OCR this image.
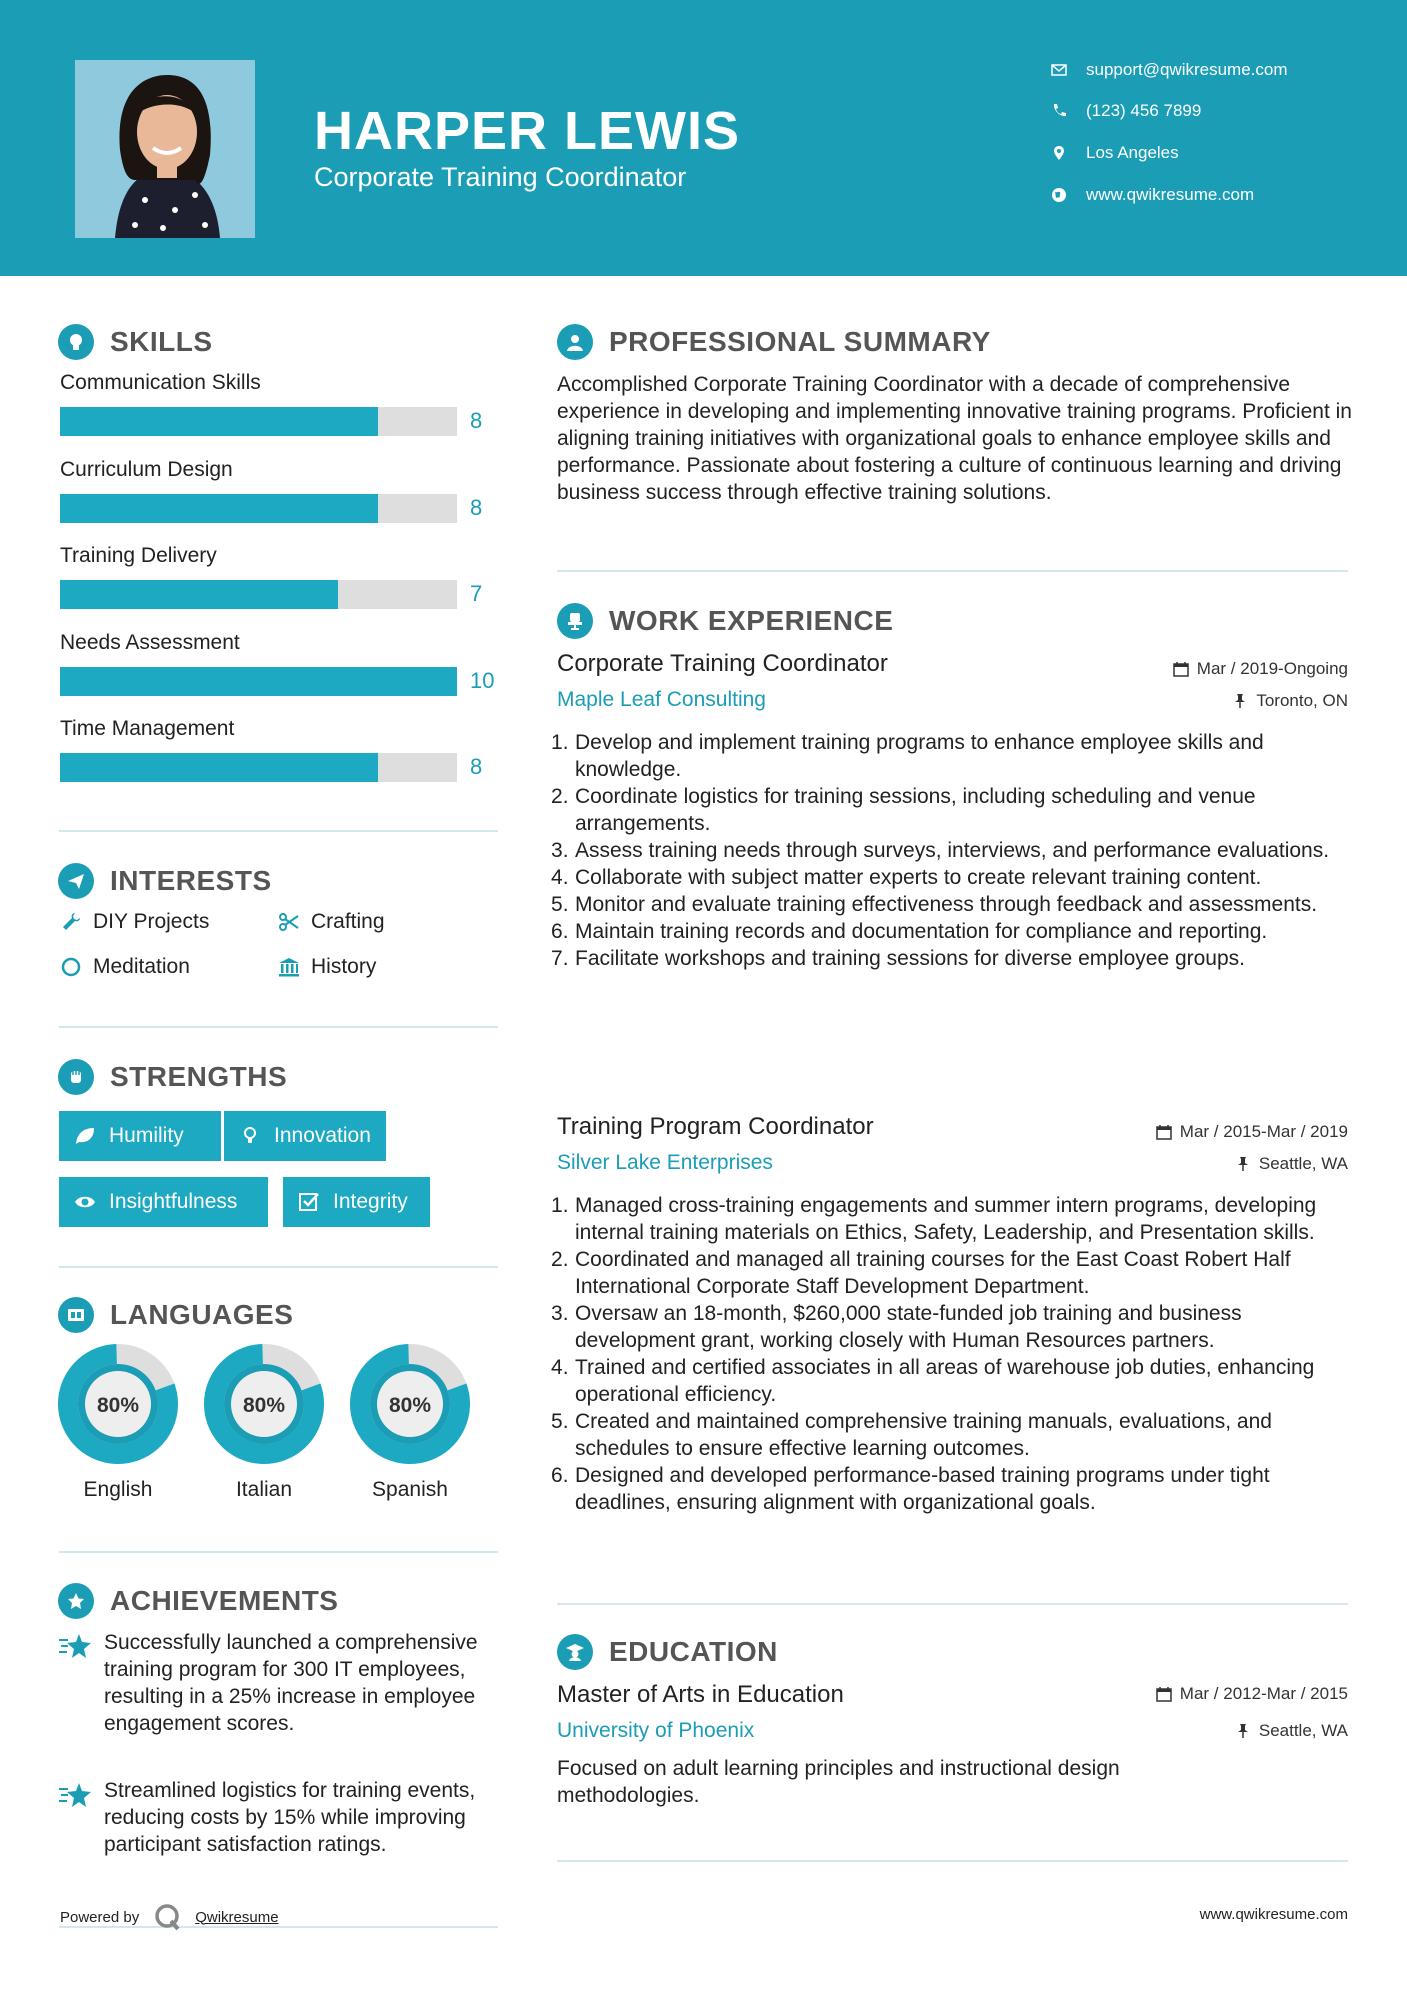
HARPER LEWIS
Corporate Training Coordinator
support@qwikresume.com
(123) 456 7899
Los Angeles
www.qwikresume.com
SKILLS
Communication Skills
8
Curriculum Design
8
Training Delivery
7
Needs Assessment
10
Time Management
8
INTERESTS
DIY Projects	Crafting
Meditation	History
STRENGTHS
Humility	Innovation
Insightfulness	Integrity
LANGUAGES
80%
English
80%
Italian
80%
Spanish
ACHIEVEMENTS
Successfully launched a comprehensive training program for 300 IT employees, resulting in a 25% increase in employee engagement scores.
Streamlined logistics for training events, reducing costs by 15% while improving participant satisfaction ratings.
PROFESSIONAL SUMMARY
Accomplished Corporate Training Coordinator with a decade of comprehensive experience in developing and implementing innovative training programs. Proficient in aligning training initiatives with organizational goals to enhance employee skills and performance. Passionate about fostering a culture of continuous learning and driving business success through effective training solutions.
WORK EXPERIENCE
Corporate Training Coordinator	Mar / 2019-Ongoing
Maple Leaf Consulting	Toronto, ON
Develop and implement training programs to enhance employee skills and knowledge.
Coordinate logistics for training sessions, including scheduling and venue arrangements.
Assess training needs through surveys, interviews, and performance evaluations.
Collaborate with subject matter experts to create relevant training content.
Monitor and evaluate training effectiveness through feedback and assessments.
Maintain training records and documentation for compliance and reporting.
Facilitate workshops and training sessions for diverse employee groups.
Training Program Coordinator	Mar / 2015-Mar / 2019
Silver Lake Enterprises	Seattle, WA
Managed cross-training engagements and summer intern programs, developing internal training materials on Ethics, Safety, Leadership, and Presentation skills.
Coordinated and managed all training courses for the East Coast Robert Half International Corporate Staff Development Department.
Oversaw an 18-month, $260,000 state-funded job training and business development grant, working closely with Human Resources partners.
Trained and certified associates in all areas of warehouse job duties, enhancing operational efficiency.
Created and maintained comprehensive training manuals, evaluations, and schedules to ensure effective learning outcomes.
Designed and developed performance-based training programs under tight deadlines, ensuring alignment with organizational goals.
EDUCATION
Master of Arts in Education	Mar / 2012-Mar / 2015
University of Phoenix	Seattle, WA
Focused on adult learning principles and instructional design methodologies.
Powered by	Qwikresume	www.qwikresume.com
